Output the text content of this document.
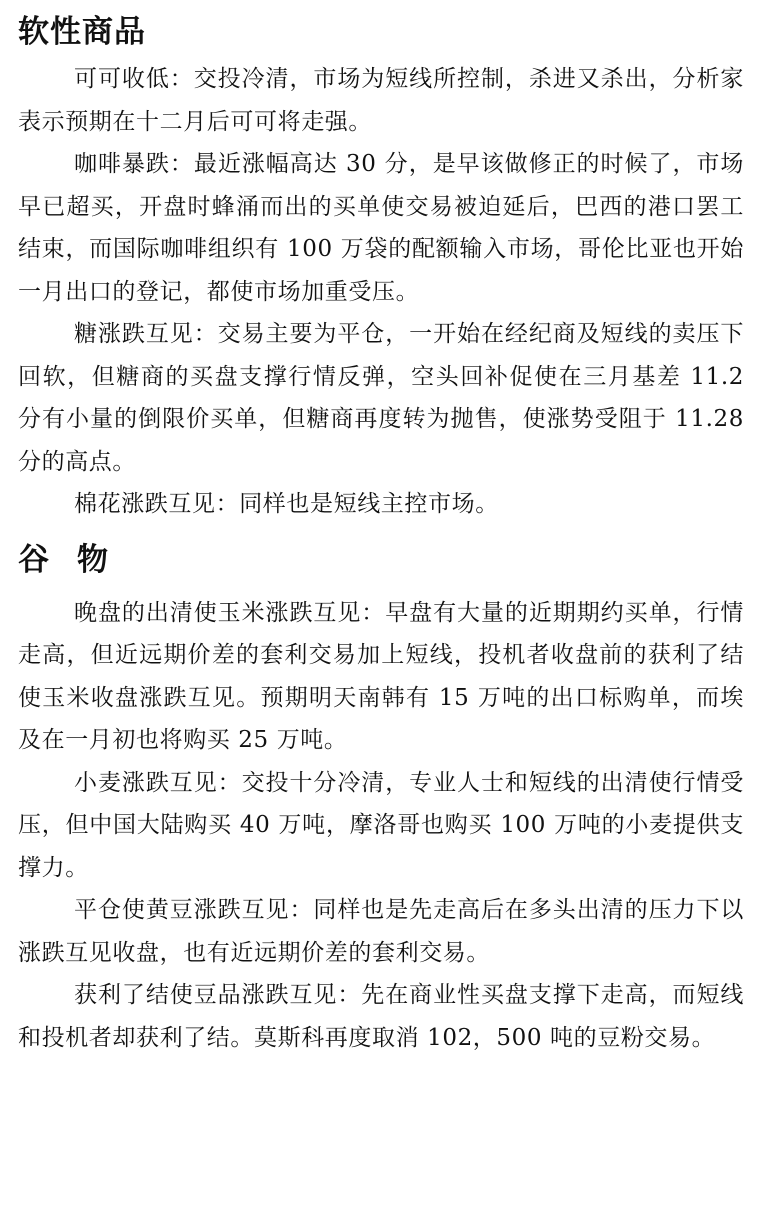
软性商品

可可收低：交投冷清，市场为短线所控制，杀进又杀出，分析家表示预期在十二月后可可将走强。

咖啡暴跌：最近涨幅高达 30 分，是早该做修正的时候了，市场早已超买，开盘时蜂涌而出的买单使交易被迫延后，巴西的港口罢工结束，而国际咖啡组织有 100 万袋的配额输入市场，哥伦比亚也开始一月出口的登记，都使市场加重受压。

糖涨跌互见：交易主要为平仓，一开始在经纪商及短线的卖压下回软，但糖商的买盘支撑行情反弹，空头回补促使在三月基差 11.2 分有小量的倒限价买单，但糖商再度转为抛售，使涨势受阻于 11.28 分的高点。

棉花涨跌互见：同样也是短线主控市场。

谷物

晚盘的出清使玉米涨跌互见：早盘有大量的近期期约买单，行情走高，但近远期价差的套利交易加上短线，投机者收盘前的获利了结使玉米收盘涨跌互见。预期明天南韩有 15 万吨的出口标购单，而埃及在一月初也将购买 25 万吨。

小麦涨跌互见：交投十分冷清，专业人士和短线的出清使行情受压，但中国大陆购买 40 万吨，摩洛哥也购买 100 万吨的小麦提供支撑力。

平仓使黄豆涨跌互见：同样也是先走高后在多头出清的压力下以涨跌互见收盘，也有近远期价差的套利交易。

获利了结使豆品涨跌互见：先在商业性买盘支撑下走高，而短线和投机者却获利了结。莫斯科再度取消 102，500 吨的豆粉交易。
